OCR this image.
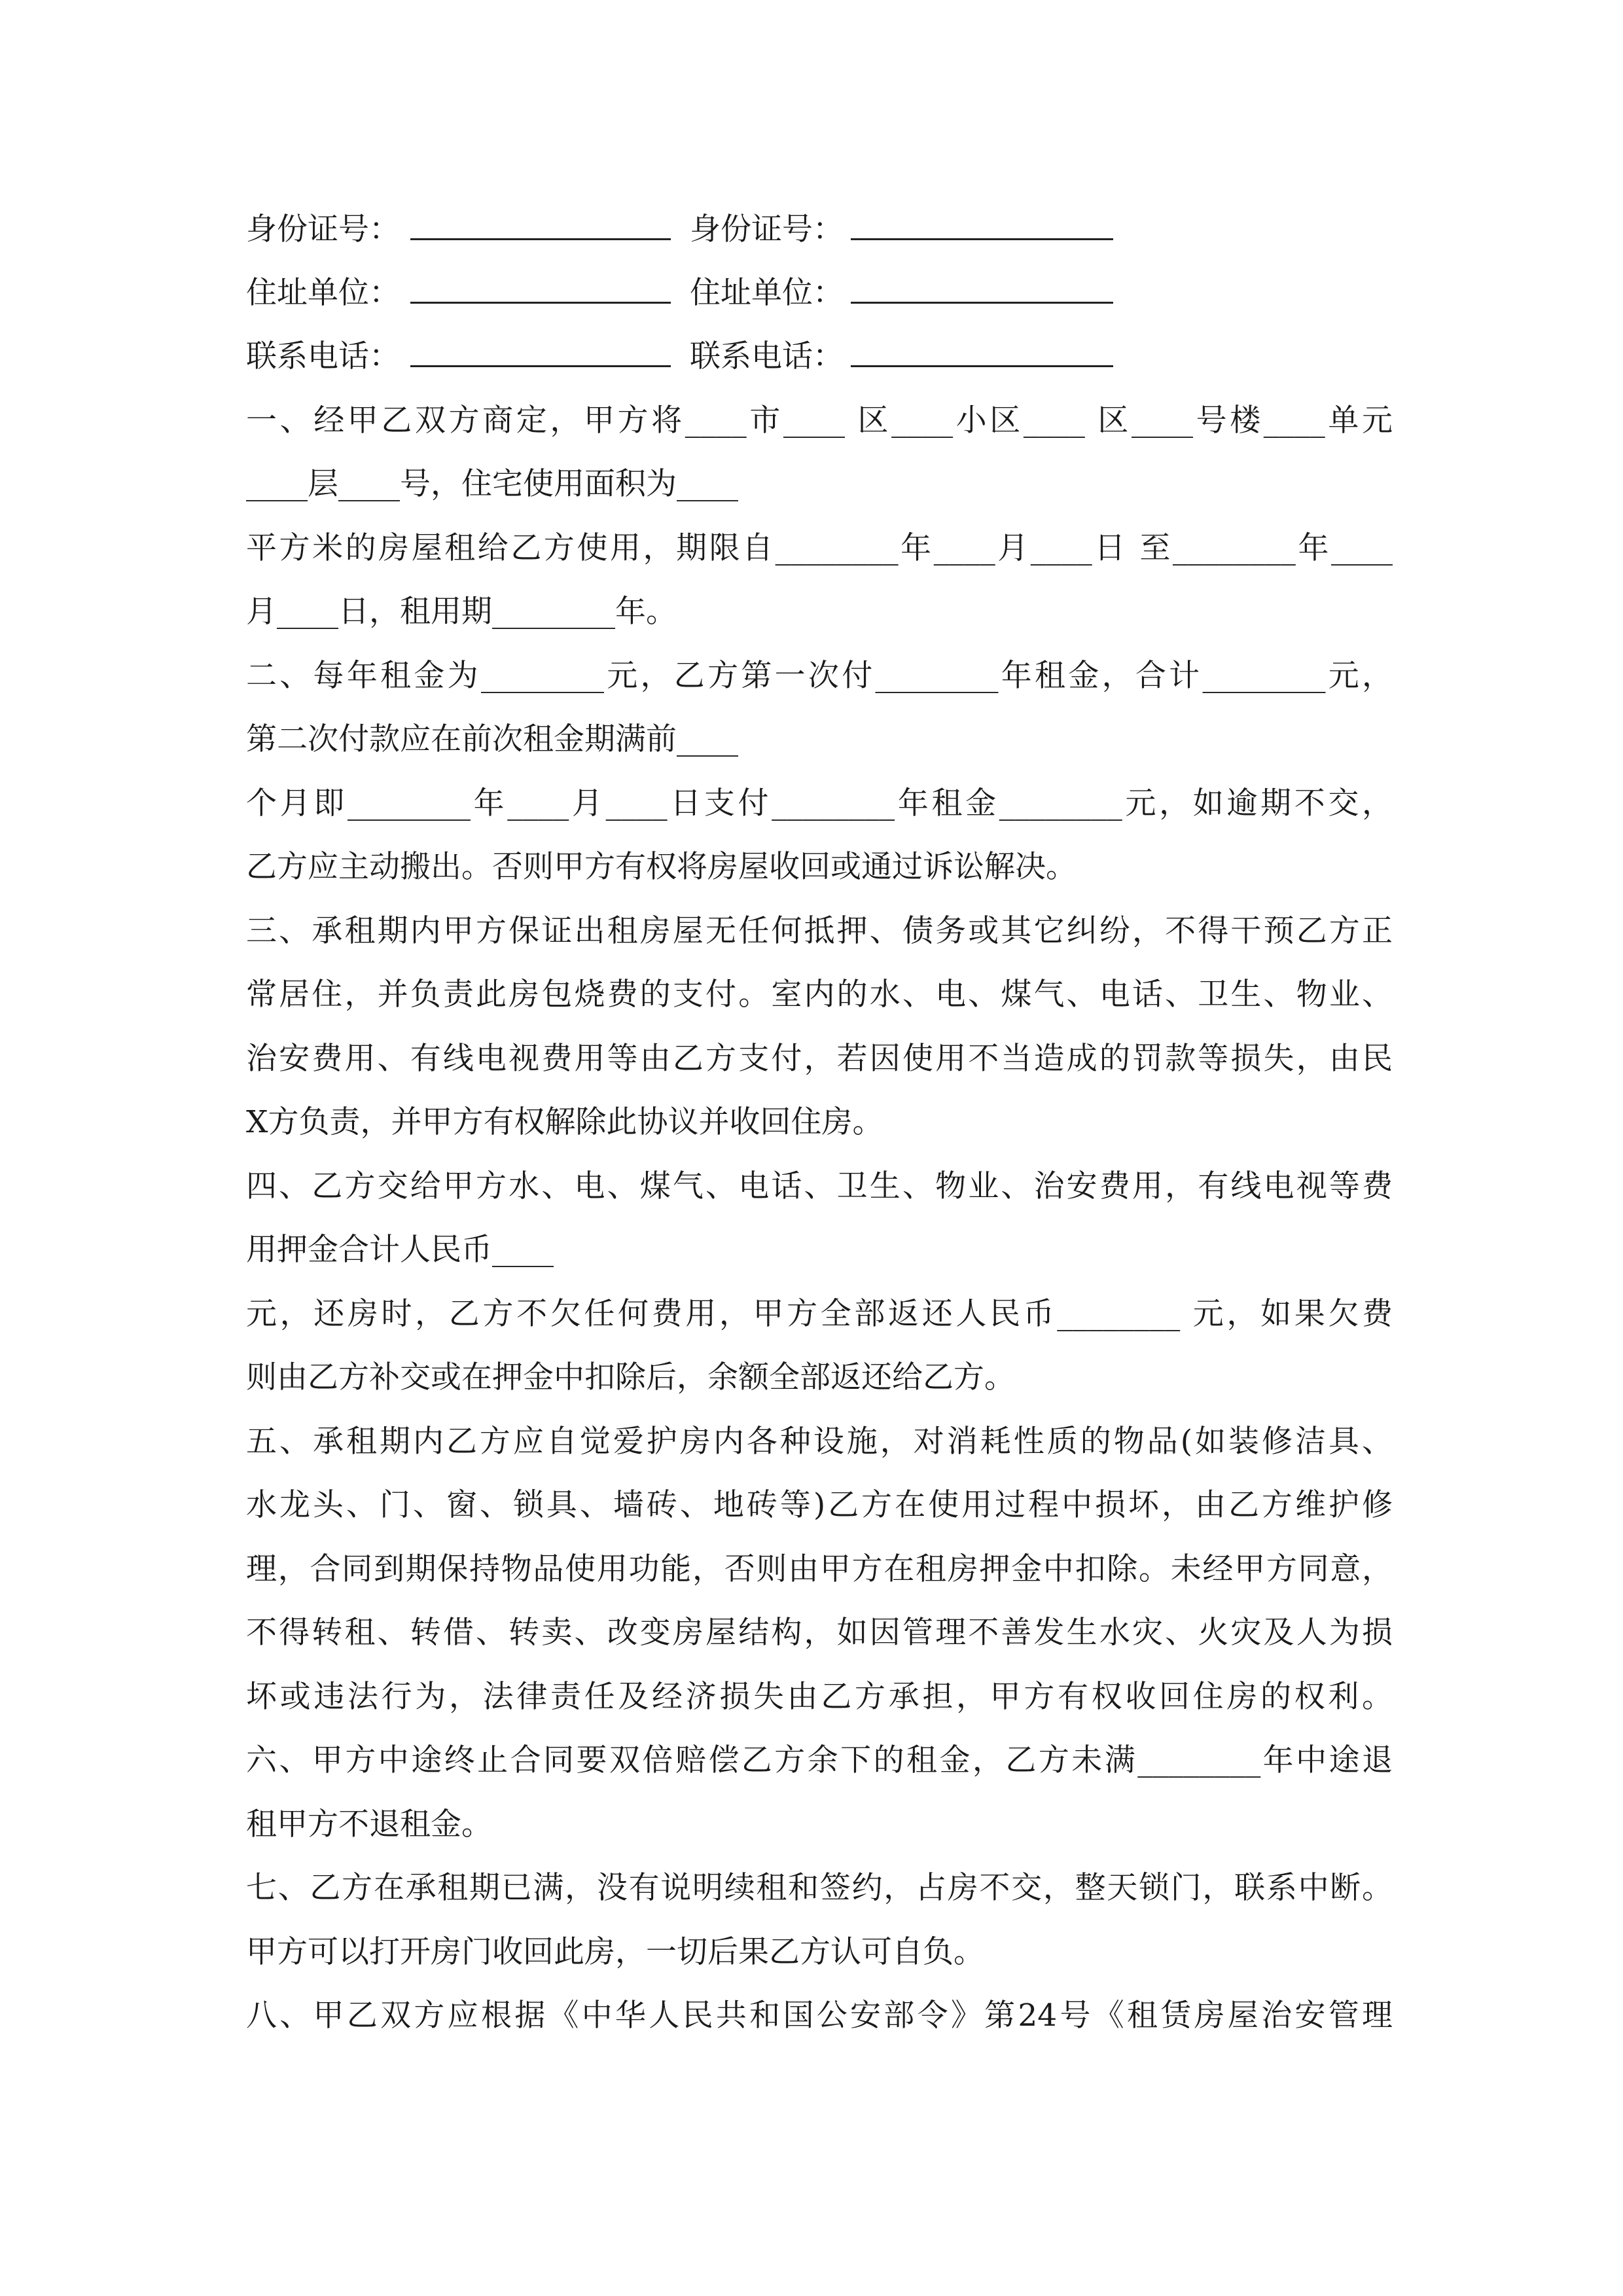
身份证号：	身份证号：
住址单位：	住址单位：
联系电话：	联系电话：
一、经甲乙双方商定，甲方将____市____ 区____小区____ 区____号楼____单元
____层____号，住宅使用面积为____
平方米的房屋租给乙方使用，期限自________年____月____日 至________年____
月____日，租用期________年。
二、每年租金为________元，乙方第一次付________年租金，合计________元，
第二次付款应在前次租金期满前____
个月即________年____月____日支付________年租金________元，如逾期不交，
乙方应主动搬出。否则甲方有权将房屋收回或通过诉讼解决。
三、承租期内甲方保证出租房屋无任何抵押、债务或其它纠纷，不得干预乙方正
常居住，并负责此房包烧费的支付。室内的水、电、煤气、电话、卫生、物业、
治安费用、有线电视费用等由乙方支付，若因使用不当造成的罚款等损失，由民
X方负责，并甲方有权解除此协议并收回住房。
四、乙方交给甲方水、电、煤气、电话、卫生、物业、治安费用，有线电视等费
用押金合计人民币____
元，还房时，乙方不欠任何费用，甲方全部返还人民币________ 元，如果欠费
则由乙方补交或在押金中扣除后，余额全部返还给乙方。
五、承租期内乙方应自觉爱护房内各种设施，对消耗性质的物品(如装修洁具、
水龙头、门、窗、锁具、墙砖、地砖等)乙方在使用过程中损坏，由乙方维护修
理，合同到期保持物品使用功能，否则由甲方在租房押金中扣除。未经甲方同意，
不得转租、转借、转卖、改变房屋结构，如因管理不善发生水灾、火灾及人为损
坏或违法行为，法律责任及经济损失由乙方承担，甲方有权收回住房的权利。
六、甲方中途终止合同要双倍赔偿乙方余下的租金，乙方未满________年中途退
租甲方不退租金。
七、乙方在承租期已满，没有说明续租和签约，占房不交，整天锁门，联系中断。
甲方可以打开房门收回此房，一切后果乙方认可自负。
八、甲乙双方应根据《中华人民共和国公安部令》第24号《租赁房屋治安管理
